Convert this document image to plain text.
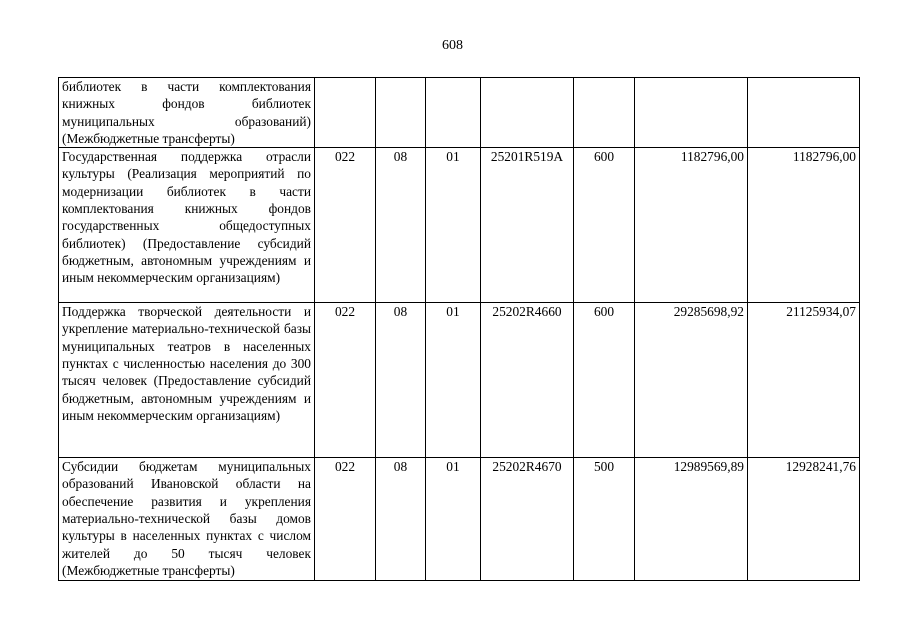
608
библиотек в части комплектования книжных фондов библиотек муниципальных образований) (Межбюджетные трансферты)							
Государственная поддержка отрасли культуры (Реализация мероприятий по модернизации библиотек в части комплектования книжных фондов государственных общедоступных библиотек) (Предоставление субсидий бюджетным, автономным учреждениям и иным некоммерческим организациям)	022	08	01	25201R519А	600	1182796,00	1182796,00
Поддержка творческой деятельности и укрепление материально-технической базы муниципальных театров в населенных пунктах с численностью населения до 300 тысяч человек (Предоставление субсидий бюджетным, автономным учреждениям и иным некоммерческим организациям)	022	08	01	25202R4660	600	29285698,92	21125934,07
Субсидии бюджетам муниципальных образований Ивановской области на обеспечение развития и укрепления материально-технической базы домов культуры в населенных пунктах с числом жителей до 50 тысяч человек (Межбюджетные трансферты)	022	08	01	25202R4670	500	12989569,89	12928241,76
